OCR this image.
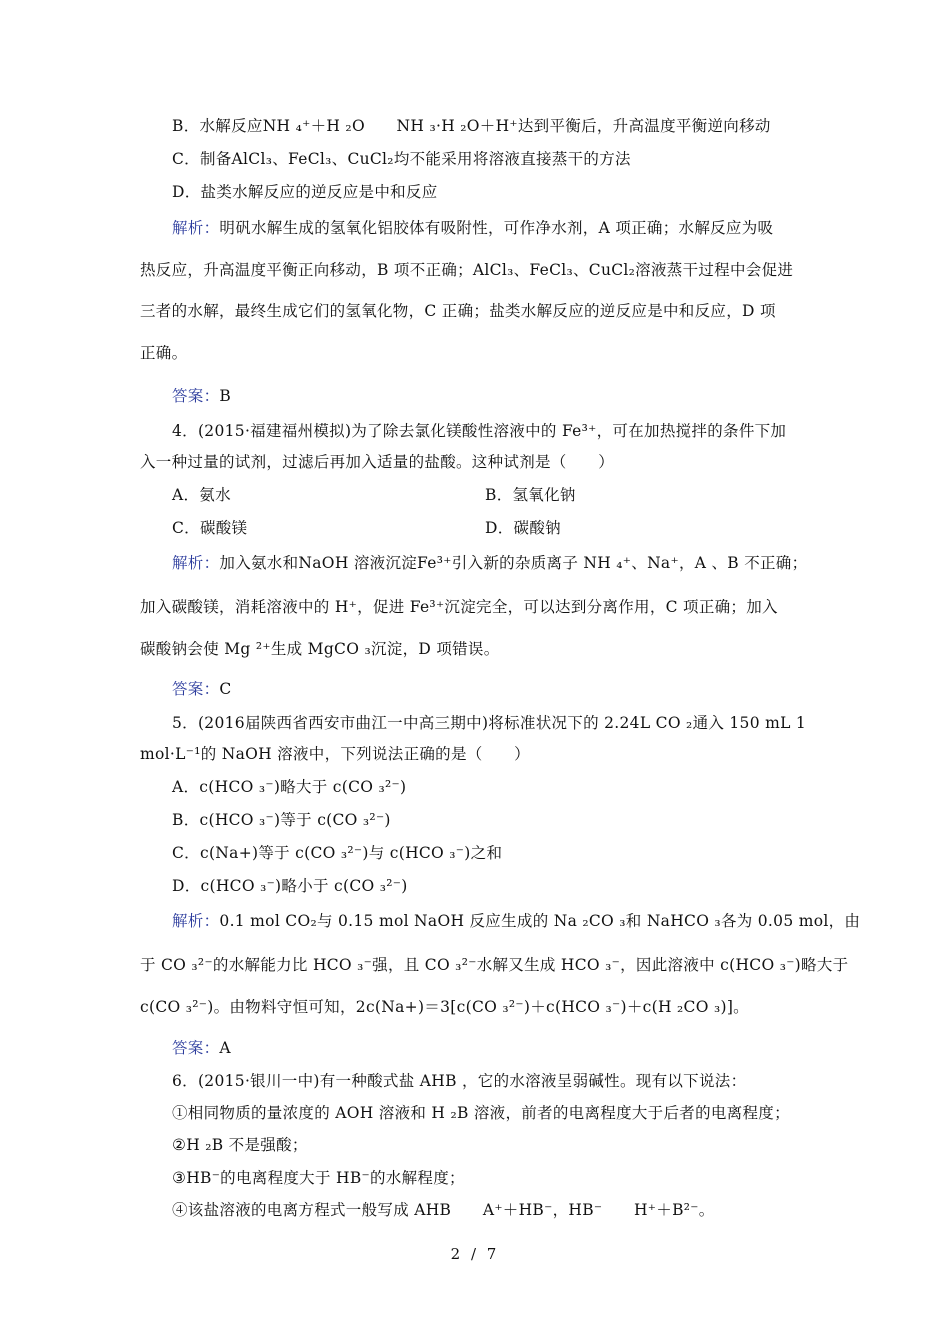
B．水解反应NH ₄⁺＋H ₂O　　NH ₃·H ₂O＋H⁺达到平衡后，升高温度平衡逆向移动
C．制备AlCl₃、FeCl₃、CuCl₂均不能采用将溶液直接蒸干的方法
D．盐类水解反应的逆反应是中和反应
解析：明矾水解生成的氢氧化铝胶体有吸附性，可作净水剂，A 项正确；水解反应为吸
热反应，升高温度平衡正向移动，B 项不正确；AlCl₃、FeCl₃、CuCl₂溶液蒸干过程中会促进
三者的水解，最终生成它们的氢氧化物，C 正确；盐类水解反应的逆反应是中和反应，D 项
正确。
答案：B
4．(2015·福建福州模拟)为了除去氯化镁酸性溶液中的 Fe³⁺，可在加热搅拌的条件下加
入一种过量的试剂，过滤后再加入适量的盐酸。这种试剂是（　　）
A．氨水	B．氢氧化钠
C．碳酸镁	D．碳酸钠
解析：加入氨水和NaOH 溶液沉淀Fe³⁺引入新的杂质离子 NH ₄⁺、Na⁺，A 、B 不正确；
加入碳酸镁，消耗溶液中的 H⁺，促进 Fe³⁺沉淀完全，可以达到分离作用，C 项正确；加入
碳酸钠会使 Mg ²⁺生成 MgCO ₃沉淀，D 项错误。
答案：C
5．(2016届陕西省西安市曲江一中高三期中)将标准状况下的 2.24L CO ₂通入 150 mL 1
mol·L⁻¹的 NaOH 溶液中，下列说法正确的是（　　）
A．c(HCO ₃⁻)略大于 c(CO ₃²⁻)
B．c(HCO ₃⁻)等于 c(CO ₃²⁻)
C．c(Na+)等于 c(CO ₃²⁻)与 c(HCO ₃⁻)之和
D．c(HCO ₃⁻)略小于 c(CO ₃²⁻)
解析：0.1 mol CO₂与 0.15 mol NaOH 反应生成的 Na ₂CO ₃和 NaHCO ₃各为 0.05 mol，由
于 CO ₃²⁻的水解能力比 HCO ₃⁻强，且 CO ₃²⁻水解又生成 HCO ₃⁻，因此溶液中 c(HCO ₃⁻)略大于
c(CO ₃²⁻)。由物料守恒可知，2c(Na+)＝3[c(CO ₃²⁻)＋c(HCO ₃⁻)＋c(H ₂CO ₃)]。
答案：A
6．(2015·银川一中)有一种酸式盐 AHB ，它的水溶液呈弱碱性。现有以下说法：
①相同物质的量浓度的 AOH 溶液和 H ₂B 溶液，前者的电离程度大于后者的电离程度；
②H ₂B 不是强酸；
③HB⁻的电离程度大于 HB⁻的水解程度；
④该盐溶液的电离方程式一般写成 AHB　　A⁺＋HB⁻，HB⁻　　H⁺＋B²⁻。
2 / 7
